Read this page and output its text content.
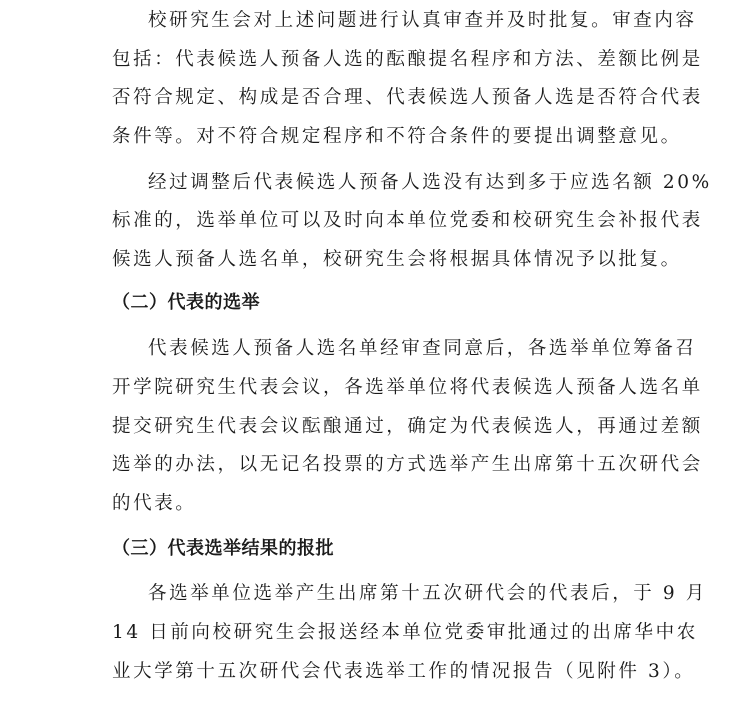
校研究生会对上述问题进行认真审查并及时批复。审查内容
包括：代表候选人预备人选的酝酿提名程序和方法、差额比例是
否符合规定、构成是否合理、代表候选人预备人选是否符合代表
条件等。对不符合规定程序和不符合条件的要提出调整意见。
经过调整后代表候选人预备人选没有达到多于应选名额 20%
标准的，选举单位可以及时向本单位党委和校研究生会补报代表
候选人预备人选名单，校研究生会将根据具体情况予以批复。
（二）代表的选举
代表候选人预备人选名单经审查同意后，各选举单位筹备召
开学院研究生代表会议，各选举单位将代表候选人预备人选名单
提交研究生代表会议酝酿通过，确定为代表候选人，再通过差额
选举的办法，以无记名投票的方式选举产生出席第十五次研代会
的代表。
（三）代表选举结果的报批
各选举单位选举产生出席第十五次研代会的代表后，于 9 月
14 日前向校研究生会报送经本单位党委审批通过的出席华中农
业大学第十五次研代会代表选举工作的情况报告（见附件 3）。
